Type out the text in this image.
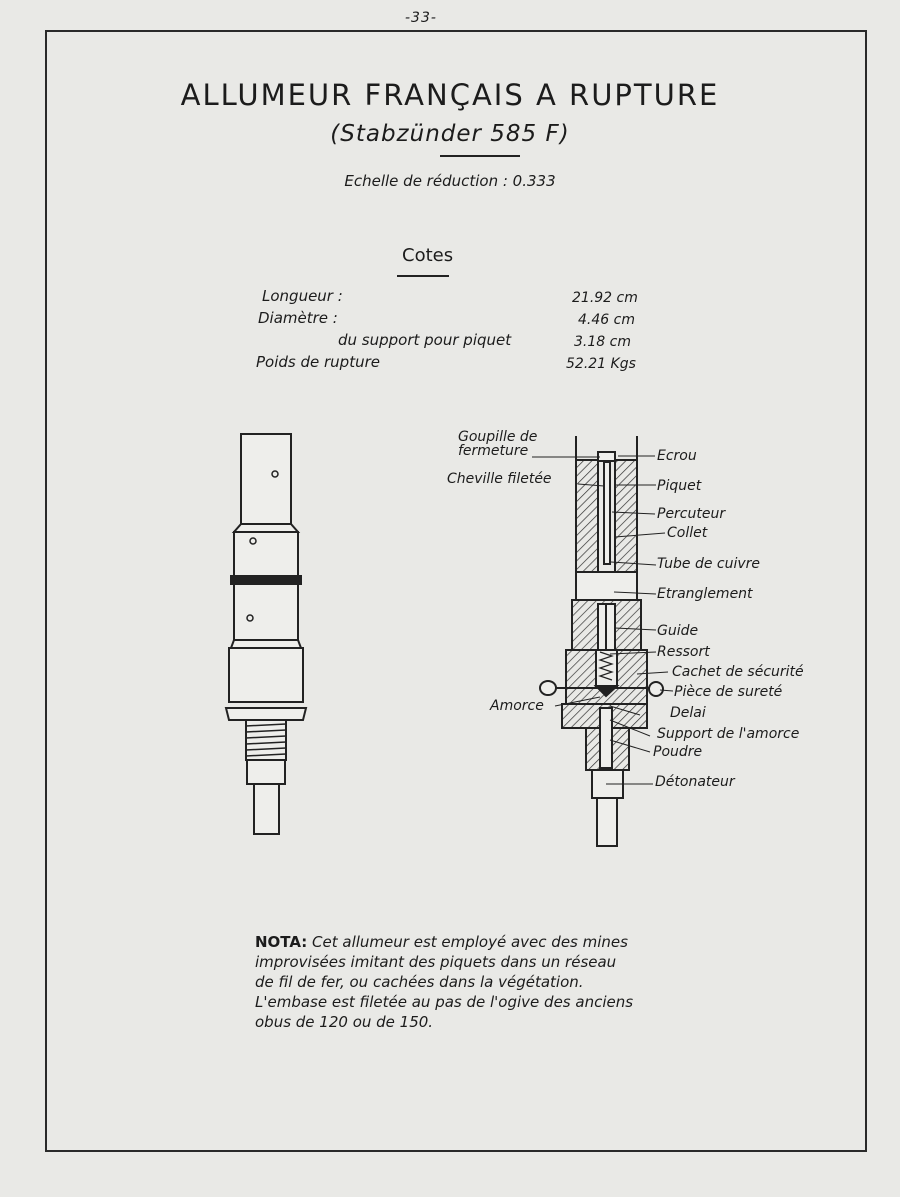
-33-
ALLUMEUR FRANÇAIS A RUPTURE
(Stabzünder 585 F)
Echelle de réduction : 0.333
Cotes
Longueur :	21.92 cm
Diamètre :	4.46 cm
du support pour piquet	3.18 cm
Poids de rupture	52.21 Kgs
Goupille de
fermeture
Cheville filetée
Ecrou
Piquet
Percuteur
Collet
Tube de cuivre
Etranglement
Guide
Ressort
Cachet de sécurité
Pièce de sureté
Amorce	Delai
Support de l'amorce
Poudre
Détonateur
NOTA: Cet allumeur est employé avec des mines
improvisées imitant des piquets dans un réseau
de fil de fer, ou cachées dans la végétation.
L'embase est filetée au pas de l'ogive des anciens
obus de 120 ou de 150.
